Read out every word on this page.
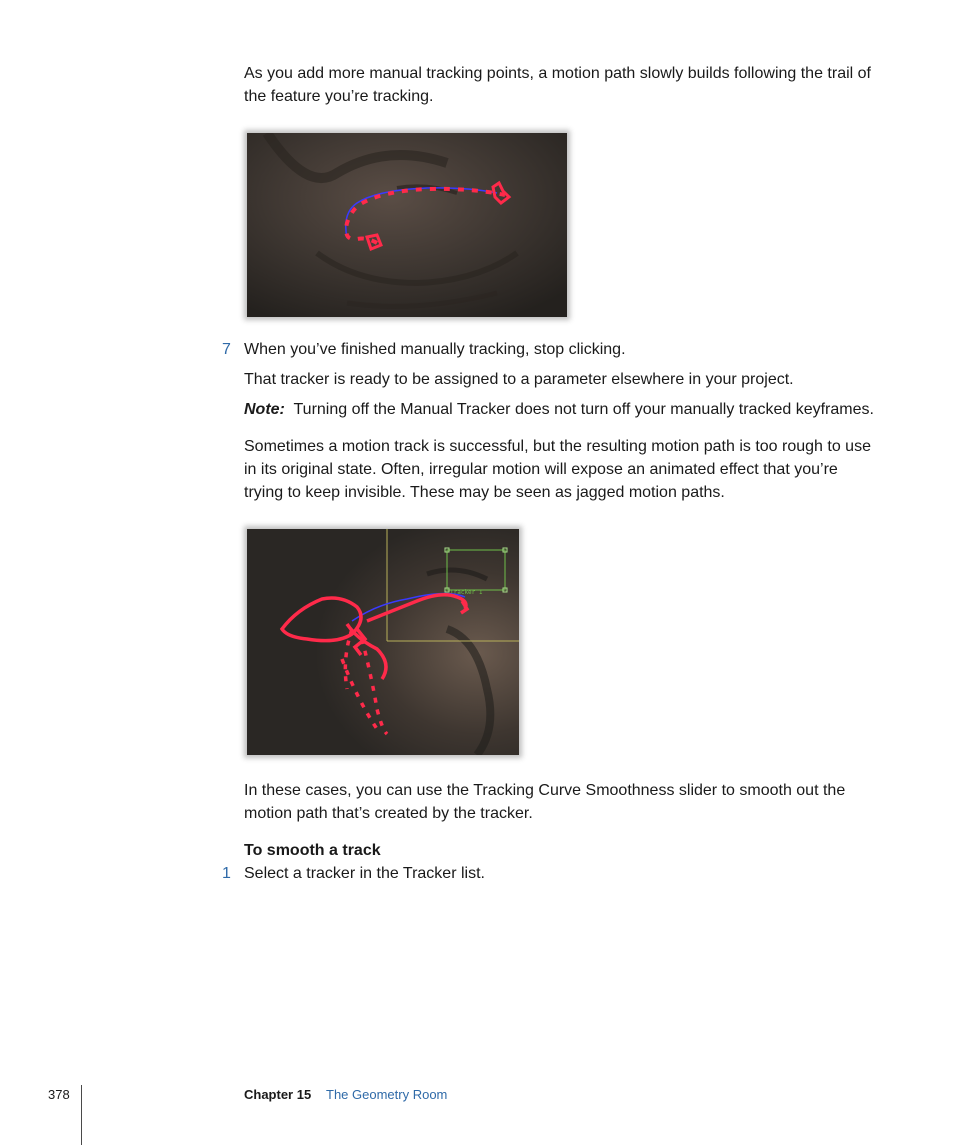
As you add more manual tracking points, a motion path slowly builds following the trail of the feature you’re tracking.

7 When you’ve finished manually tracking, stop clicking.

That tracker is ready to be assigned to a parameter elsewhere in your project.

Note: Turning off the Manual Tracker does not turn off your manually tracked keyframes.

Sometimes a motion track is successful, but the resulting motion path is too rough to use in its original state. Often, irregular motion will expose an animated effect that you’re trying to keep invisible. These may be seen as jagged motion paths.

Tracker 1

In these cases, you can use the Tracking Curve Smoothness slider to smooth out the motion path that’s created by the tracker.

To smooth a track

1 Select a tracker in the Tracker list.

378	Chapter 15 The Geometry Room
